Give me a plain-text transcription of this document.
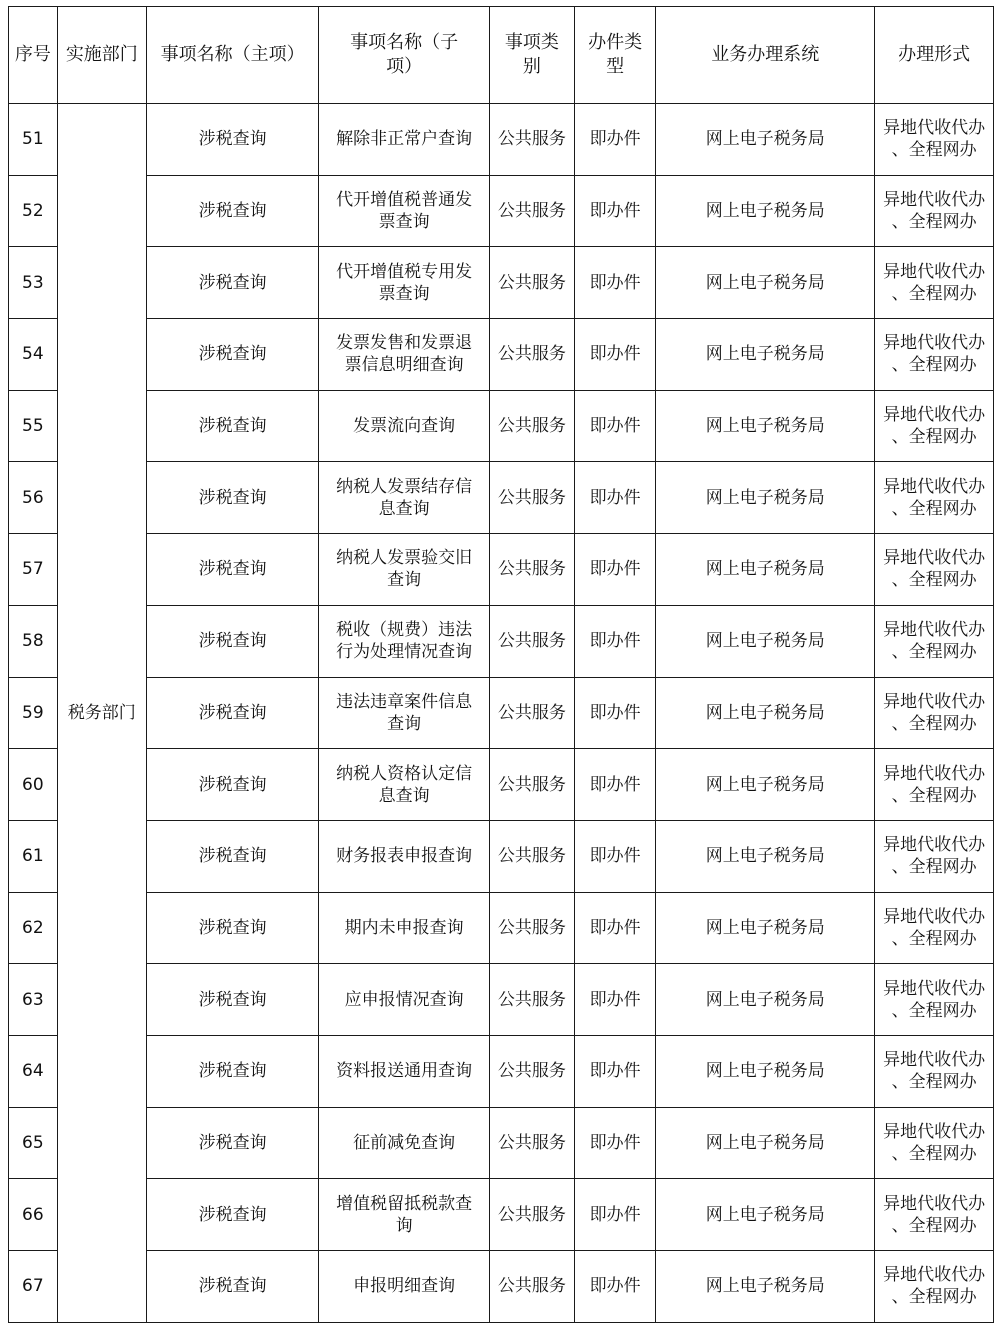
序号	实施部门	事项名称（主项）	事项名称（子
项）	事项类
别	办件类
型	业务办理系统	办理形式

51	税务部门	涉税查询	解除非正常户查询	公共服务	即办件	网上电子税务局	异地代收代办
、全程网办

52		涉税查询	代开增值税普通发
票查询	公共服务	即办件	网上电子税务局	异地代收代办
、全程网办

53		涉税查询	代开增值税专用发
票查询	公共服务	即办件	网上电子税务局	异地代收代办
、全程网办

54		涉税查询	发票发售和发票退
票信息明细查询	公共服务	即办件	网上电子税务局	异地代收代办
、全程网办

55		涉税查询	发票流向查询	公共服务	即办件	网上电子税务局	异地代收代办
、全程网办

56		涉税查询	纳税人发票结存信
息查询	公共服务	即办件	网上电子税务局	异地代收代办
、全程网办

57		涉税查询	纳税人发票验交旧
查询	公共服务	即办件	网上电子税务局	异地代收代办
、全程网办

58		涉税查询	税收（规费）违法
行为处理情况查询	公共服务	即办件	网上电子税务局	异地代收代办
、全程网办

59		涉税查询	违法违章案件信息
查询	公共服务	即办件	网上电子税务局	异地代收代办
、全程网办

60		涉税查询	纳税人资格认定信
息查询	公共服务	即办件	网上电子税务局	异地代收代办
、全程网办

61		涉税查询	财务报表申报查询	公共服务	即办件	网上电子税务局	异地代收代办
、全程网办

62		涉税查询	期内未申报查询	公共服务	即办件	网上电子税务局	异地代收代办
、全程网办

63		涉税查询	应申报情况查询	公共服务	即办件	网上电子税务局	异地代收代办
、全程网办

64		涉税查询	资料报送通用查询	公共服务	即办件	网上电子税务局	异地代收代办
、全程网办

65		涉税查询	征前减免查询	公共服务	即办件	网上电子税务局	异地代收代办
、全程网办

66		涉税查询	增值税留抵税款查
询	公共服务	即办件	网上电子税务局	异地代收代办
、全程网办

67		涉税查询	申报明细查询	公共服务	即办件	网上电子税务局	异地代收代办
、全程网办
